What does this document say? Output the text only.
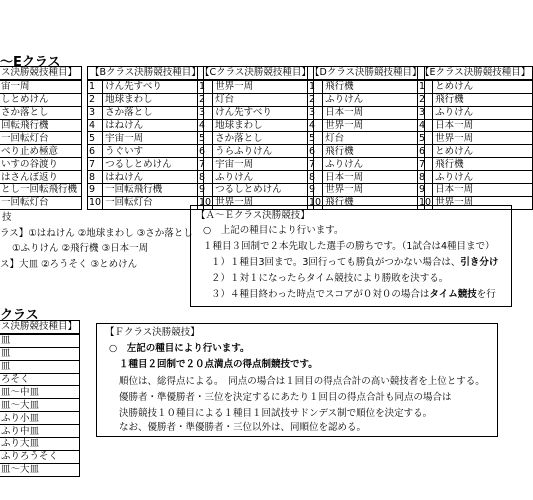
～Eクラス
ス決勝競技種目】
宙一周
しとめけん
さか落とし
回転飛行機
一回転灯台
べり止め極意
いすの谷渡り
はさんぼ返り
とし一回転飛行機
一回転灯台
【Bクラス決勝競技種目】	
1	けん先すべり
2	地球まわし
3	さか落とし
4	はねけん
5	宇宙一周
6	うぐいす
7	つるしとめけん
8	はねけん
9	一回転飛行機
10	一回転灯台
【Cクラス決勝競技種目】	
1	世界一周
2	灯台
3	けん先すべり
4	地球まわし
5	さか落とし
6	うらふりけん
7	宇宙一周
8	ふりけん
9	つるしとめけん
10	世界一周
【Dクラス決勝競技種目】	
1	飛行機
2	ふりけん
3	日本一周
4	世界一周
5	灯台
6	飛行機
7	ふりけん
8	日本一周
9	世界一周
10	飛行機
【Eクラス決勝競技種目】	
1	とめけん
2	飛行機
3	ふりけん
4	日本一周
5	世界一周
6	とめけん
7	飛行機
8	ふりけん
9	日本一周
10	世界一周
技
ラス】①はねけん ②地球まわし ③さか落とし
①ふりけん ②飛行機 ③日本一周
ス】大皿 ②ろうそく ③とめけん
【Ａ～Ｅクラス決勝競技】
○　上記の種目により行います。
１種目３回制で２本先取した選手の勝ちです。（1試合は4種目まで）
１）１種目3回まで。3回行っても勝負がつかない場合は、引き分け
２）１対１になったらタイム競技により勝敗を決する。
３）４種目終わった時点でスコアが０対０の場合はタイム競技を行
クラス
ス決勝競技種目】
皿
皿
皿
ろそく
皿～中皿
皿～大皿
ふり小皿
ふり中皿
ふり大皿
ふりろうそく
皿～大皿
【Ｆクラス決勝競技】
○　左記の種目により行います。
１種目２回制で２０点満点の得点制競技です。
順位は、総得点による。　同点の場合は１回目の得点合計の高い競技者を上位とする。
優勝者・準優勝者・三位を決定するにあたり１回目の得点合計も同点の場合は
決勝競技１０種目による１種目１回試技サドンデス制で順位を決定する。
なお、優勝者・準優勝者・三位以外は、同順位を認める。
